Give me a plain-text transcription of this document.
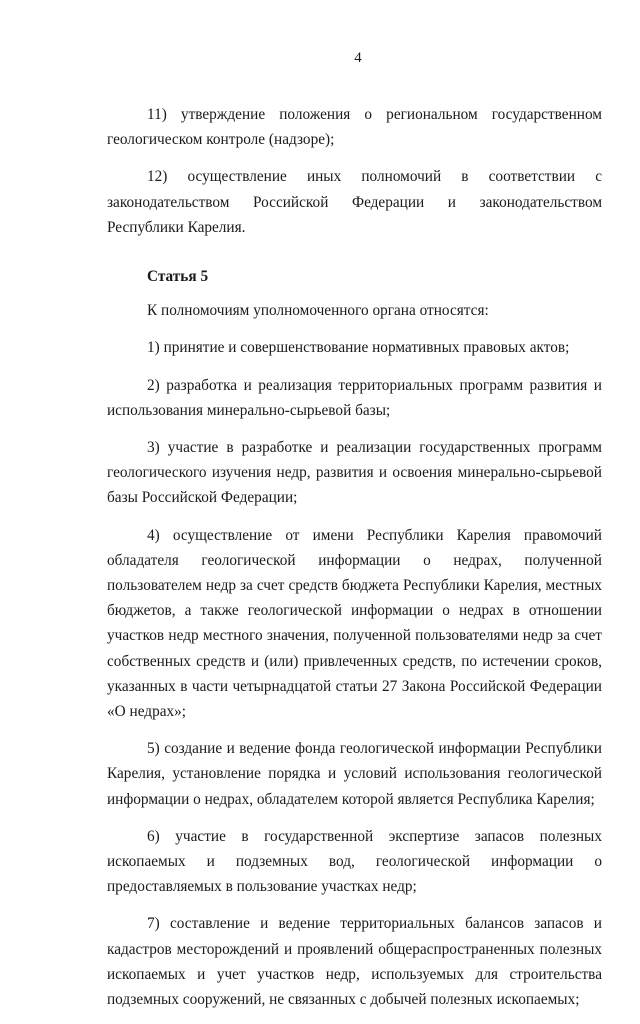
4

11) утверждение положения о региональном государственном геологическом контроле (надзоре);

12) осуществление иных полномочий в соответствии с законодательством Российской Федерации и законодательством Республики Карелия.

Статья 5

К полномочиям уполномоченного органа относятся:

1) принятие и совершенствование нормативных правовых актов;

2) разработка и реализация территориальных программ развития и использования минерально-сырьевой базы;

3) участие в разработке и реализации государственных программ геологического изучения недр, развития и освоения минерально-сырьевой базы Российской Федерации;

4) осуществление от имени Республики Карелия правомочий обладателя геологической информации о недрах, полученной пользователем недр за счет средств бюджета Республики Карелия, местных бюджетов, а также геологической информации о недрах в отношении участков недр местного значения, полученной пользователями недр за счет собственных средств и (или) привлеченных средств, по истечении сроков, указанных в части четырнадцатой статьи 27 Закона Российской Федерации «О недрах»;

5) создание и ведение фонда геологической информации Республики Карелия, установление порядка и условий использования геологической информации о недрах, обладателем которой является Республика Карелия;

6) участие в государственной экспертизе запасов полезных ископаемых и подземных вод, геологической информации о предоставляемых в пользование участках недр;

7) составление и ведение территориальных балансов запасов и кадастров месторождений и проявлений общераспространенных полезных ископаемых и учет участков недр, используемых для строительства подземных сооружений, не связанных с добычей полезных ископаемых;
